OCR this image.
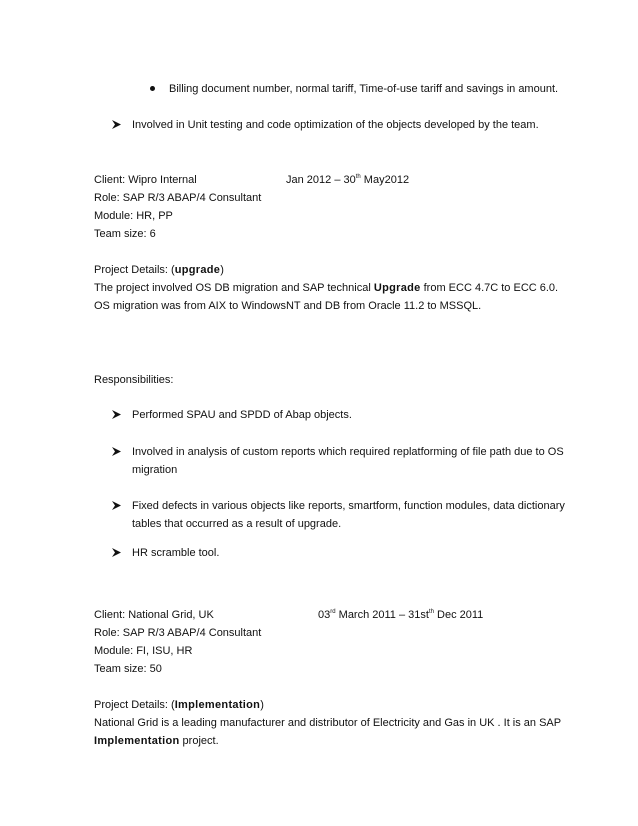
Billing document number, normal tariff, Time-of-use tariff and savings in amount.
Involved in Unit testing and code optimization of the objects developed by the team.
Client: Wipro Internal	Jan 2012 – 30th May2012
Role: SAP R/3 ABAP/4 Consultant
Module: HR, PP
Team size: 6
Project Details: (upgrade)
The project involved OS DB migration and SAP technical Upgrade from ECC 4.7C to ECC 6.0.
OS migration was from AIX to WindowsNT and DB from Oracle 11.2 to MSSQL.
Responsibilities:
Performed SPAU and SPDD of Abap objects.
Involved in analysis of custom reports which required replatforming of file path due to OS
migration
Fixed defects in various objects like reports, smartform, function modules, data dictionary
tables that occurred as a result of upgrade.
HR scramble tool.
Client: National Grid, UK	03rd March $2011 - 31st^{th}$ Dec 2011
Role: SAP R/3 ABAP/4 Consultant
Module: FI, ISU, HR
Team size: 50
Project Details: (Implementation)
National Grid is a leading manufacturer and distributor of Electricity and Gas in UK . It is an SAP
Implementation project.
